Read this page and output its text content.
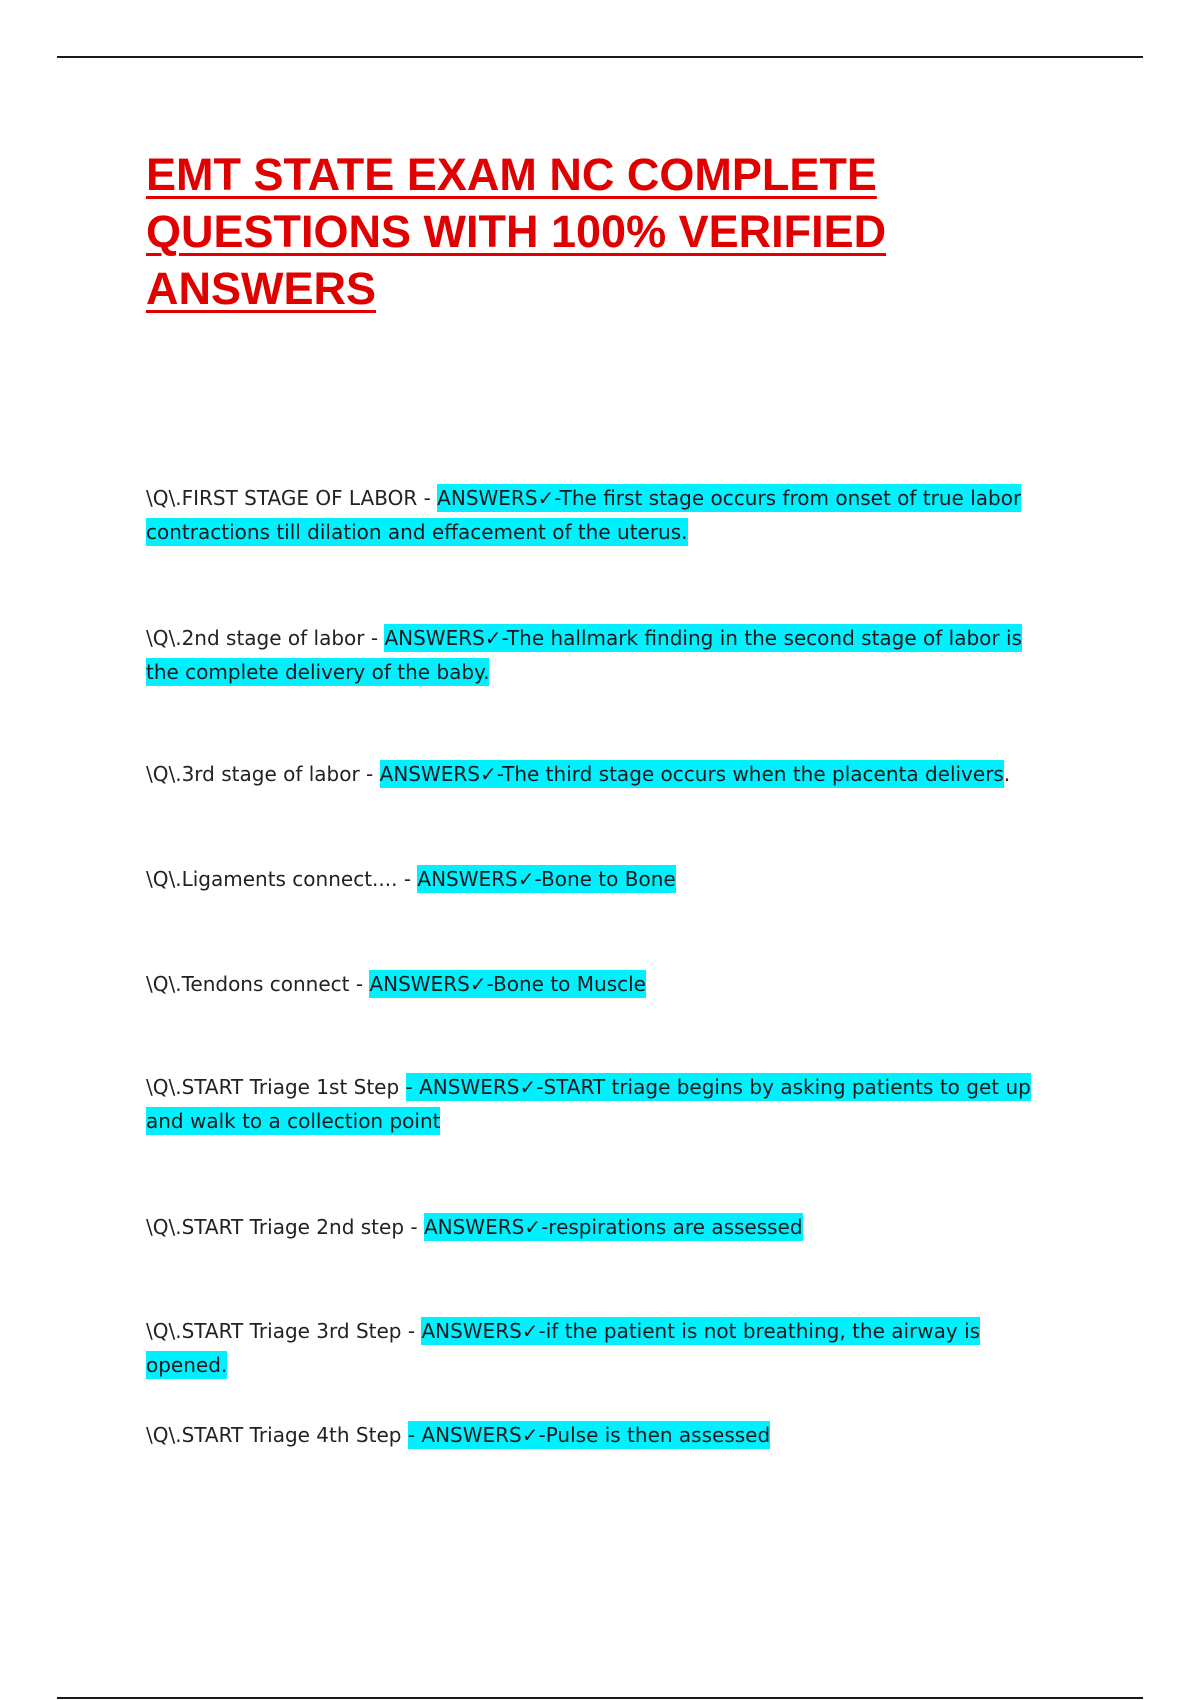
EMT STATE EXAM NC COMPLETE QUESTIONS WITH 100% VERIFIED ANSWERS

\Q\.FIRST STAGE OF LABOR - ANSWERS✓-The first stage occurs from onset of true labor contractions till dilation and effacement of the uterus.

\Q\.2nd stage of labor - ANSWERS✓-The hallmark finding in the second stage of labor is the complete delivery of the baby.

\Q\.3rd stage of labor - ANSWERS✓-The third stage occurs when the placenta delivers.

\Q\.Ligaments connect.... - ANSWERS✓-Bone to Bone

\Q\.Tendons connect - ANSWERS✓-Bone to Muscle

\Q\.START Triage 1st Step - ANSWERS✓-START triage begins by asking patients to get up and walk to a collection point

\Q\.START Triage 2nd step - ANSWERS✓-respirations are assessed

\Q\.START Triage 3rd Step - ANSWERS✓-if the patient is not breathing, the airway is opened.

\Q\.START Triage 4th Step - ANSWERS✓-Pulse is then assessed
